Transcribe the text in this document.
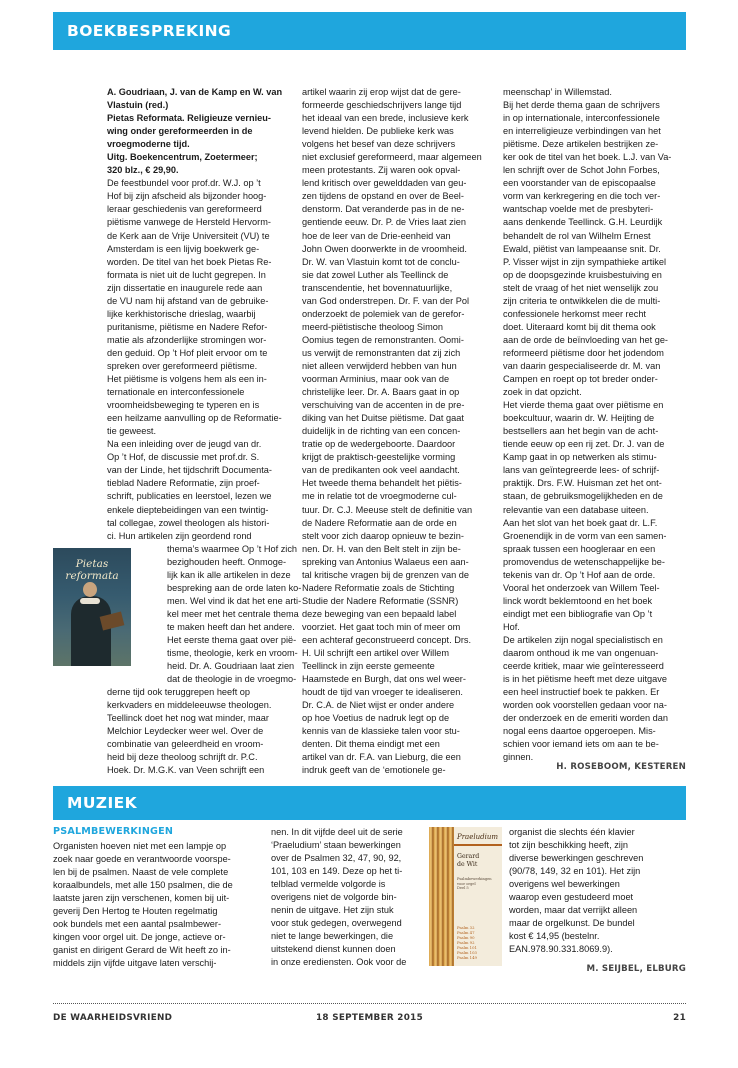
BOEKBESPREKING

A. Goudriaan, J. van de Kamp en W. van

Vlastuin (red.)

Pietas Reformata. Religieuze vernieu-

wing onder gereformeerden in de

vroegmoderne tijd.

Uitg. Boekencentrum, Zoetermeer;

320 blz., € 29,90.

De feestbundel voor prof.dr. W.J. op ’t

Hof bij zijn afscheid als bijzonder hoog-

leraar geschiedenis van gereformeerd

piëtisme vanwege de Hersteld Hervorm-

de Kerk aan de Vrije Universiteit (VU) te

Amsterdam is een lijvig boekwerk ge-

worden. De titel van het boek Pietas Re-

formata is niet uit de lucht gegrepen. In

zijn dissertatie en inaugurele rede aan

de VU nam hij afstand van de gebruike-

lijke kerkhistorische drieslag, waarbij

puritanisme, piëtisme en Nadere Refor-

matie als afzonderlijke stromingen wor-

den geduid. Op ’t Hof pleit ervoor om te

spreken over gereformeerd piëtisme.

Het piëtisme is volgens hem als een in-

ternationale en interconfessionele

vroomheidsbeweging te typeren en is

een heilzame aanvulling op de Reformatie-

tie geweest.

Na een inleiding over de jeugd van dr.

Op ’t Hof, de discussie met prof.dr. S.

van der Linde, het tijdschrift Documenta-

tieblad Nadere Reformatie, zijn proef-

schrift, publicaties en leerstoel, lezen we

enkele dieptebeidingen van een twintig-

tal collegae, zowel theologen als histori-

ci. Hun artikelen zijn geordend rond

thema’s waarmee Op ’t Hof zich

bezighouden heeft. Onmoge-

lijk kan ik alle artikelen in deze

bespreking aan de orde laten ko-

men. Wel vind ik dat het ene arti-

kel meer met het centrale thema

te maken heeft dan het andere.

Het eerste thema gaat over pië-

tisme, theologie, kerk en vroom-

heid. Dr. A. Goudriaan laat zien

dat de theologie in de vroegmo-

derne tijd ook teruggrepen heeft op

kerkvaders en middeleeuwse theologen.

Teellinck doet het nog wat minder, maar

Melchior Leydecker weer wel. Over de

combinatie van geleerdheid en vroom-

heid bij deze theoloog schrijft dr. P.C.

Hoek. Dr. M.G.K. van Veen schrijft een

Pietas reformata

artikel waarin zij erop wijst dat de gere-

formeerde geschiedschrijvers lange tijd

het ideaal van een brede, inclusieve kerk

levend hielden. De publieke kerk was

volgens het besef van deze schrijvers

niet exclusief gereformeerd, maar algemeen

meen protestants. Zij waren ook opval-

lend kritisch over gewelddaden van geu-

zen tijdens de opstand en over de Beel-

denstorm. Dat veranderde pas in de ne-

gentiende eeuw. Dr. P. de Vries laat zien

hoe de leer van de Drie-eenheid van

John Owen doorwerkte in de vroomheid.

Dr. W. van Vlastuin komt tot de conclu-

sie dat zowel Luther als Teellinck de

transcendentie, het bovennatuurlijke,

van God onderstrepen. Dr. F. van der Pol

onderzoekt de polemiek van de gerefor-

meerd-piëtistische theoloog Simon

Oomius tegen de remonstranten. Oomi-

us verwijt de remonstranten dat zij zich

niet alleen verwijderd hebben van hun

voorman Arminius, maar ook van de

christelijke leer. Dr. A. Baars gaat in op

verschuiving van de accenten in de pre-

diking van het Duitse piëtisme. Dat gaat

duidelijk in de richting van een concen-

tratie op de wedergeboorte. Daardoor

krijgt de praktisch-geestelijke vorming

van de predikanten ook veel aandacht.

Het tweede thema behandelt het piëtis-

me in relatie tot de vroegmoderne cul-

tuur. Dr. C.J. Meeuse stelt de definitie van

de Nadere Reformatie aan de orde en

stelt voor zich daarop opnieuw te bezin-

nen. Dr. H. van den Belt stelt in zijn be-

spreking van Antonius Walaeus een aan-

tal kritische vragen bij de grenzen van de

Nadere Reformatie zoals de Stichting

Studie der Nadere Reformatie (SSNR)

deze beweging van een bepaald label

voorziet. Het gaat toch min of meer om

een achteraf geconstrueerd concept. Drs.

H. Uil schrijft een artikel over Willem

Teellinck in zijn eerste gemeente

Haamstede en Burgh, dat ons wel weer-

houdt de tijd van vroeger te idealiseren.

Dr. C.A. de Niet wijst er onder andere

op hoe Voetius de nadruk legt op de

kennis van de klassieke talen voor stu-

denten. Dit thema eindigt met een

artikel van dr. F.A. van Lieburg, die een

indruk geeft van de ‘emotionele ge-

meenschap’ in Willemstad.

Bij het derde thema gaan de schrijvers

in op internationale, interconfessionele

en interreligieuze verbindingen van het

piëtisme. Deze artikelen bestrijken ze-

ker ook de titel van het boek. L.J. van Va-

len schrijft over de Schot John Forbes,

een voorstander van de episcopaalse

vorm van kerkregering en die toch ver-

wantschap voelde met de presbyteri-

aans denkende Teellinck. G.H. Leurdijk

behandelt de rol van Wilhelm Ernest

Ewald, piëtist van lampeaanse snit. Dr.

P. Visser wijst in zijn sympathieke artikel

op de doopsgezinde kruisbestuiving en

stelt de vraag of het niet wenselijk zou

zijn criteria te ontwikkelen die de multi-

confessionele herkomst meer recht

doet. Uiteraard komt bij dit thema ook

aan de orde de beïnvloeding van het ge-

reformeerd piëtisme door het jodendom

van daarin gespecialiseerde dr. M. van

Campen en roept op tot breder onder-

zoek in dat opzicht.

Het vierde thema gaat over piëtisme en

boekcultuur, waarin dr. W. Heijting de

bestsellers aan het begin van de acht-

tiende eeuw op een rij zet. Dr. J. van de

Kamp gaat in op netwerken als stimu-

lans van geïntegreerde lees- of schrijf-

praktijk. Drs. F.W. Huisman zet het ont-

staan, de gebruiksmogelijkheden en de

relevantie van een database uiteen.

Aan het slot van het boek gaat dr. L.F.

Groenendijk in de vorm van een samen-

spraak tussen een hoogleraar en een

promovendus de wetenschappelijke be-

tekenis van dr. Op ’t Hof aan de orde.

Vooral het onderzoek van Willem Teel-

linck wordt beklemtoond en het boek

eindigt met een bibliografie van Op ’t

Hof.

De artikelen zijn nogal specialistisch en

daarom onthoud ik me van ongenuan-

ceerde kritiek, maar wie geïnteresseerd

is in het piëtisme heeft met deze uitgave

een heel instructief boek te pakken. Er

worden ook voorstellen gedaan voor na-

der onderzoek en de emeriti worden dan

nogal eens daartoe opgeroepen. Mis-

schien voor iemand iets om aan te be-

ginnen.

H. ROSEBOOM, KESTEREN
MUZIEK
PSALMBEWERKINGEN

Organisten hoeven niet met een lampje op

zoek naar goede en verantwoorde voorspe-

len bij de psalmen. Naast de vele complete

koraalbundels, met alle 150 psalmen, die de

laatste jaren zijn verschenen, komen bij uit-

geverij Den Hertog te Houten regelmatig

ook bundels met een aantal psalmbewer-

kingen voor orgel uit. De jonge, actieve or-

ganist en dirigent Gerard de Wit heeft zo in-

middels zijn vijfde uitgave laten verschij-

nen. In dit vijfde deel uit de serie

‘Praeludium’ staan bewerkingen

over de Psalmen 32, 47, 90, 92,

101, 103 en 149. Deze op het ti-

telblad vermelde volgorde is

overigens niet de volgorde bin-

nenin de uitgave. Het zijn stuk

voor stuk gedegen, overwegend

niet te lange bewerkingen, die

uitstekend dienst kunnen doen

in onze erediensten. Ook voor de

Praeludium
Gerard
de Wit
Psalmbewerkingen
voor orgel
Deel 5
Psalm 32
Psalm 47
Psalm 90
Psalm 92
Psalm 101
Psalm 103
Psalm 149

organist die slechts één klavier

tot zijn beschikking heeft, zijn

diverse bewerkingen geschreven

(90/78, 149, 32 en 101). Het zijn

overigens wel bewerkingen

waarop even gestudeerd moet

worden, maar dat verrijkt alleen

maar de orgelkunst. De bundel

kost € 14,95 (bestelnr.

EAN.978.90.331.8069.9).

M. SEIJBEL, ELBURG
DE WAARHEIDSVRIEND	18 SEPTEMBER 2015	21
